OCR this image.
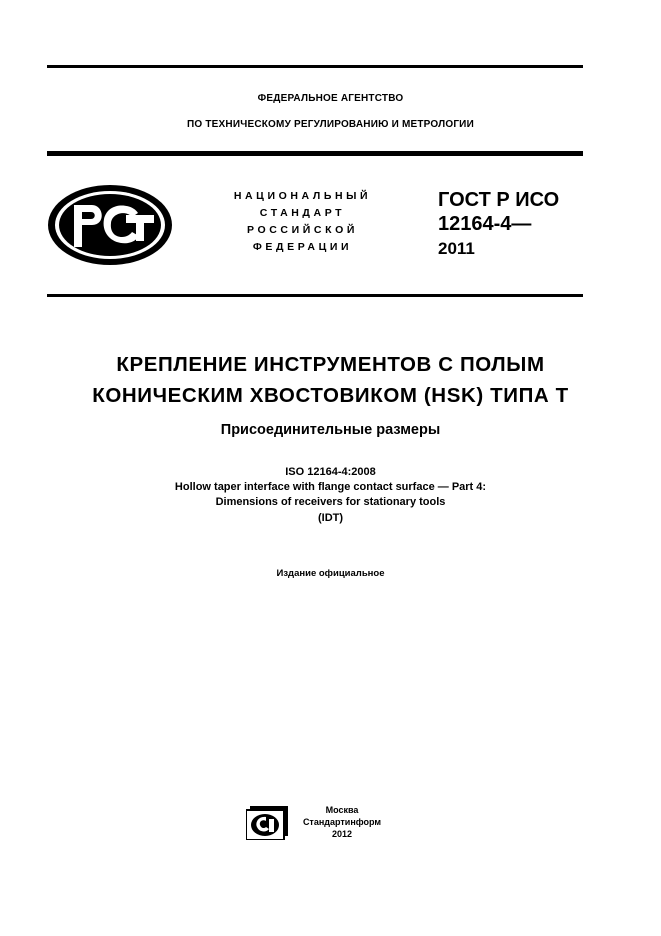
ФЕДЕРАЛЬНОЕ АГЕНТСТВО
ПО ТЕХНИЧЕСКОМУ РЕГУЛИРОВАНИЮ И МЕТРОЛОГИИ
НАЦИОНАЛЬНЫЙ
СТАНДАРТ
РОССИЙСКОЙ
ФЕДЕРАЦИИ
ГОСТ Р ИСО
12164-4—
2011
КРЕПЛЕНИЕ ИНСТРУМЕНТОВ С ПОЛЫМ
КОНИЧЕСКИМ ХВОСТОВИКОМ (HSK) ТИПА Т
Присоединительные размеры
ISO 12164-4:2008
Hollow taper interface with flange contact surface — Part 4:
Dimensions of receivers for stationary tools
(IDT)
Издание официальное
Москва
Стандартинформ
2012
